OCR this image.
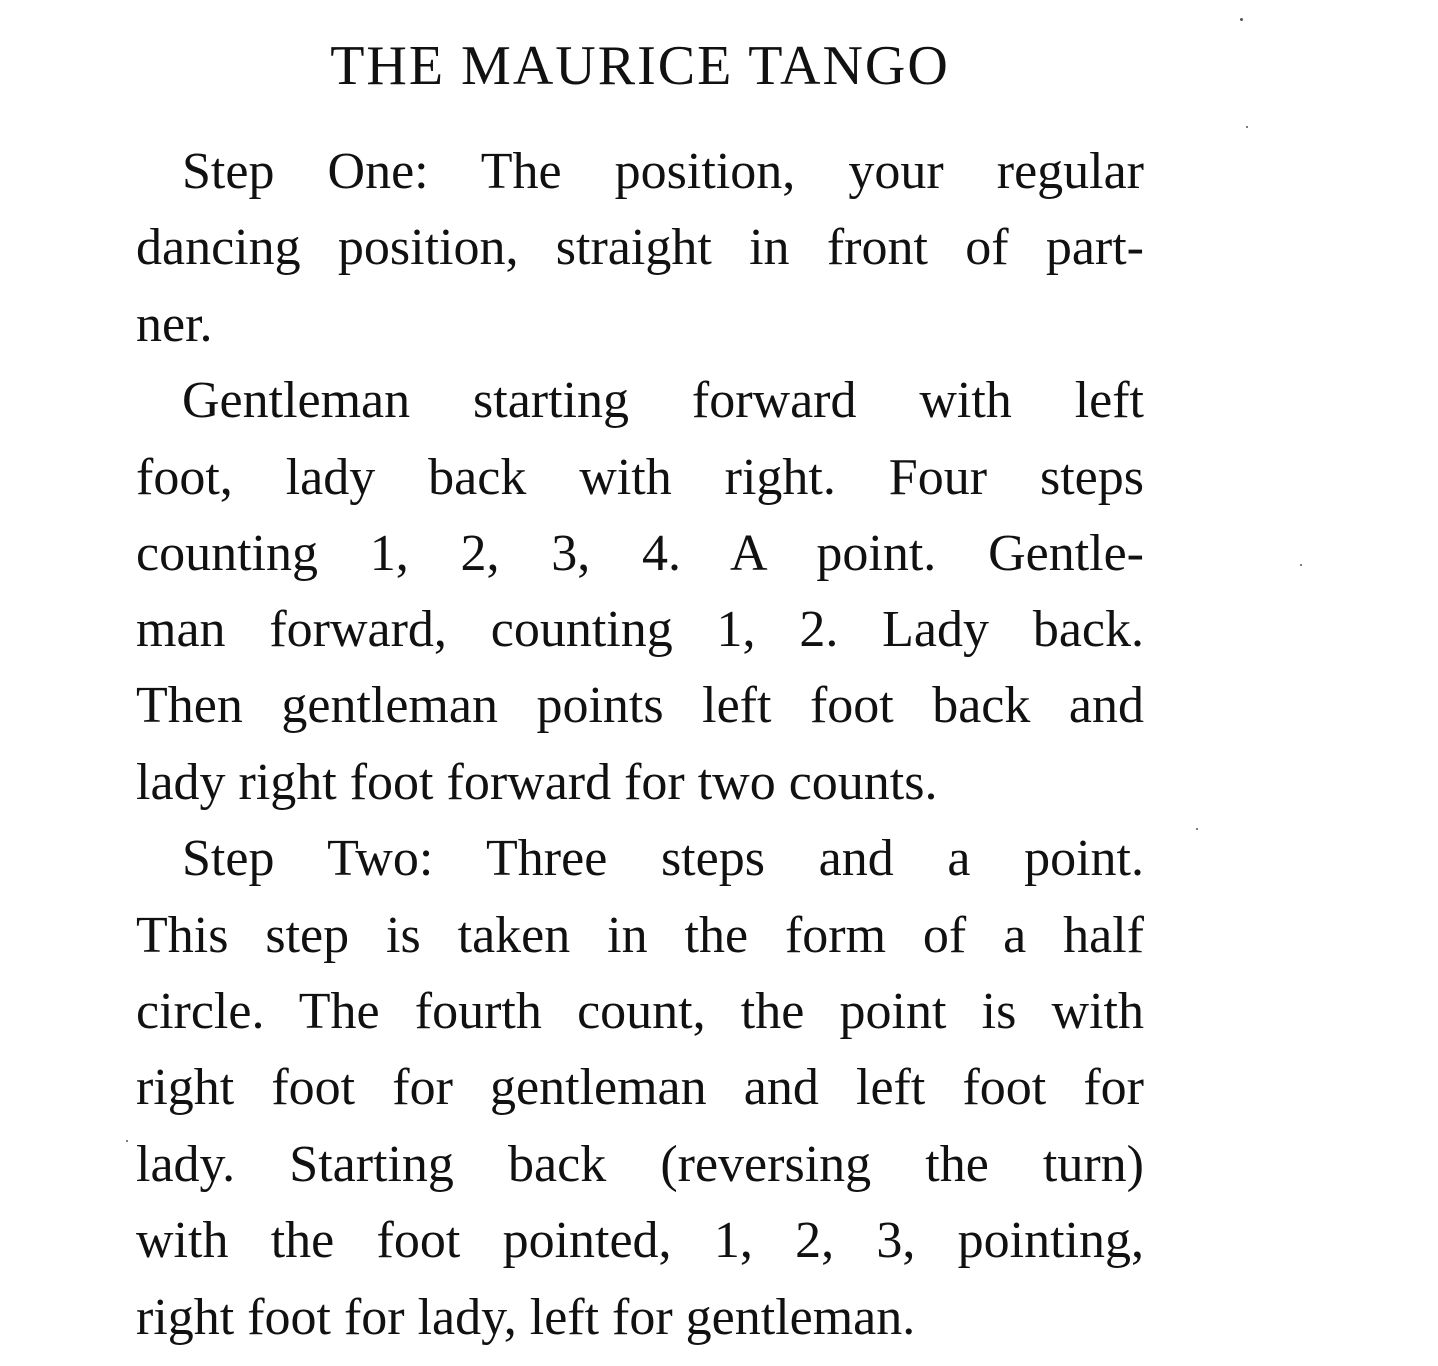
THE MAURICE TANGO
Step One: The position, your regular
dancing position, straight in front of part-
ner.
Gentleman starting forward with left
foot, lady back with right. Four steps
counting 1, 2, 3, 4. A point. Gentle-
man forward, counting 1, 2. Lady back.
Then gentleman points left foot back and
lady right foot forward for two counts.
Step Two: Three steps and a point.
This step is taken in the form of a half
circle. The fourth count, the point is with
right foot for gentleman and left foot for
lady. Starting back (reversing the turn)
with the foot pointed, 1, 2, 3, pointing,
right foot for lady, left for gentleman.
